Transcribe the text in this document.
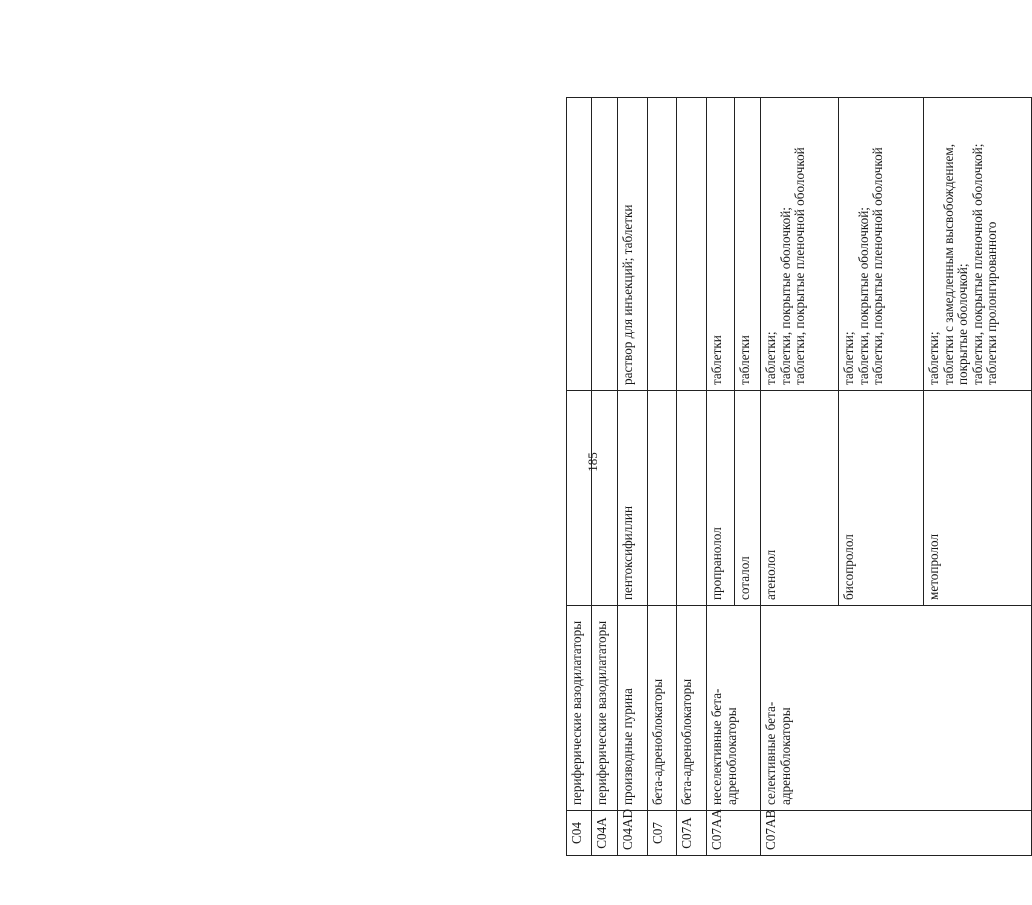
C04	периферические вазодилататоры		
C04A	периферические вазодилататоры		
C04AD	производные пурина	пентоксифиллин	раствор для инъекций; таблетки
C07	бета-адреноблокаторы		
C07A	бета-адреноблокаторы		
C07AA	неселективные бета-адреноблокаторы	пропранолол	таблетки
		соталол	таблетки
C07AB	селективные бета-адреноблокаторы	атенолол	таблетки;
таблетки, покрытые оболочкой;
таблетки, покрытые пленочной оболочкой
		бисопролол	таблетки;
таблетки, покрытые оболочкой;
таблетки, покрытые пленочной оболочкой
		метопролол	таблетки;
таблетки с замедленным высвобождением, покрытые оболочкой;
таблетки, покрытые пленочной оболочкой;
таблетки пролонгированного
185
